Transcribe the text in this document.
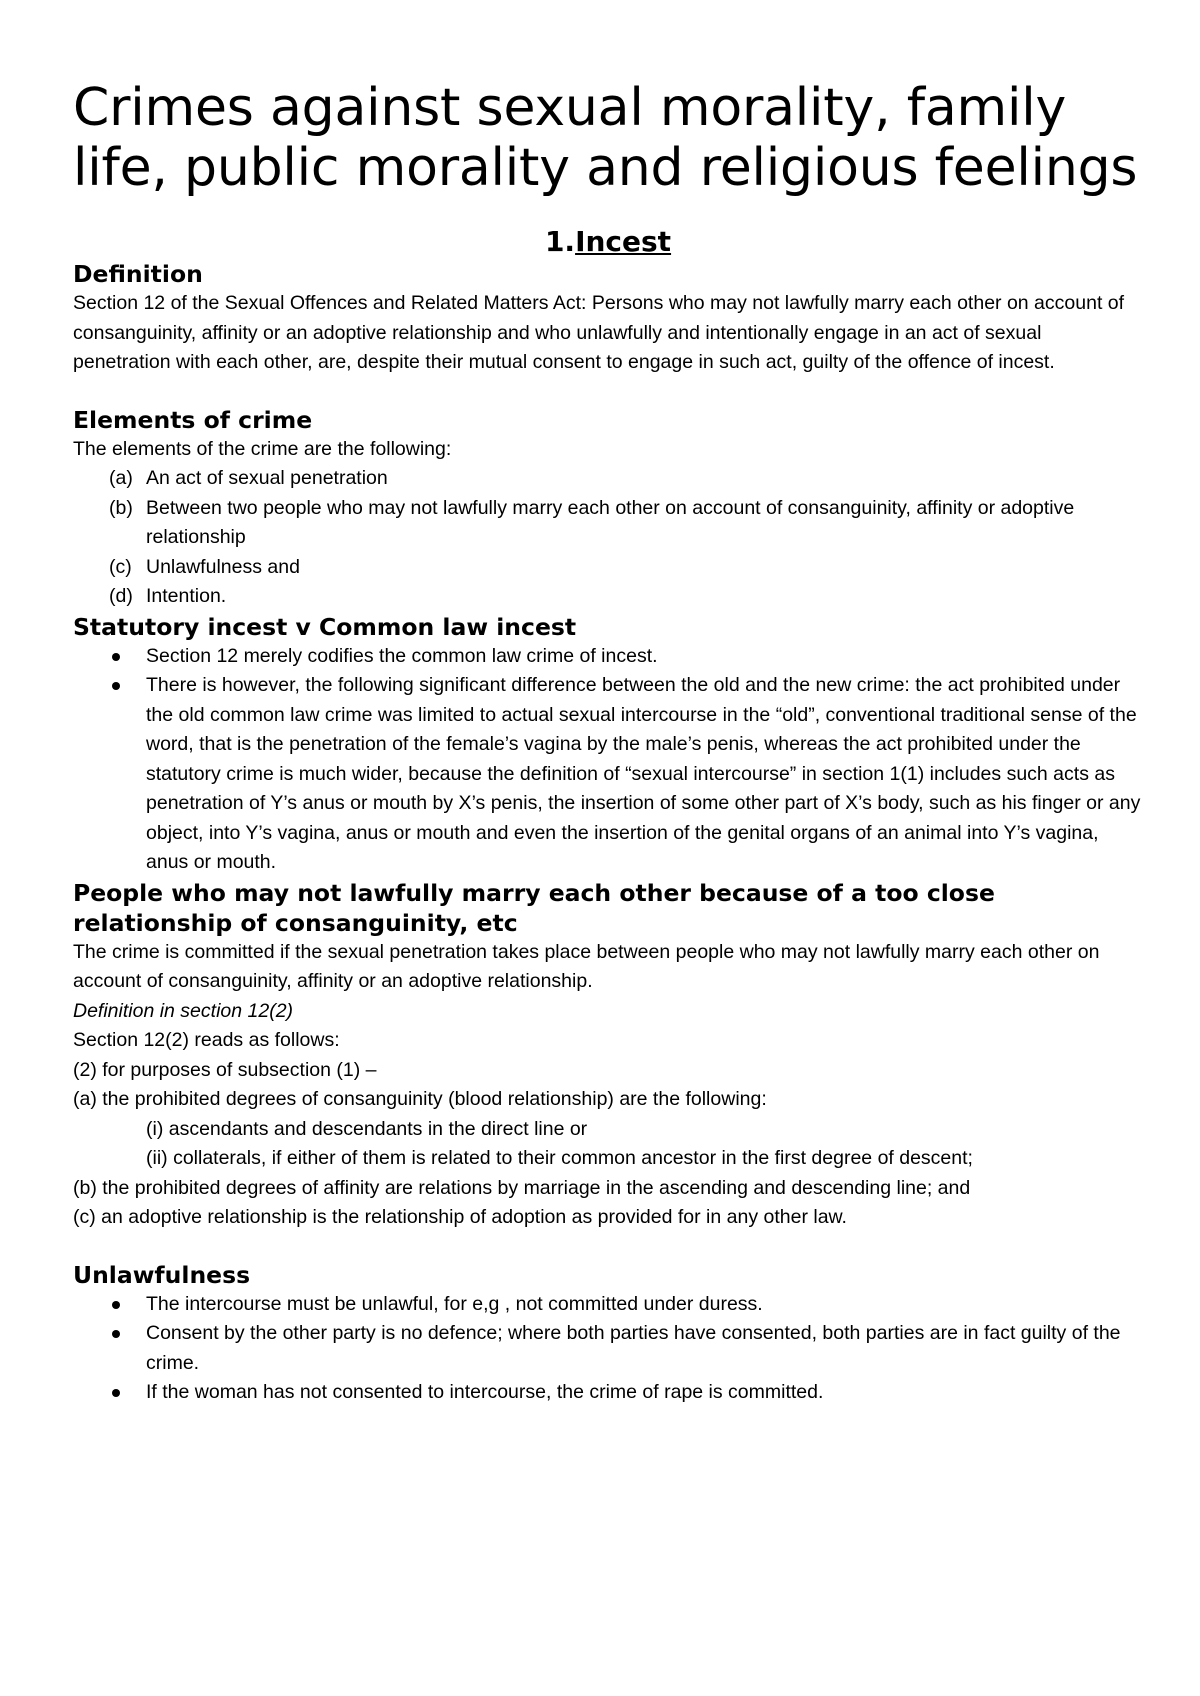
Crimes against sexual morality, family life, public morality and religious feelings
1.Incest
Definition

Section 12 of the Sexual Offences and Related Matters Act: Persons who may not lawfully marry each other on account of consanguinity, affinity or an adoptive relationship and who unlawfully and intentionally engage in an act of sexual penetration with each other, are, despite their mutual consent to engage in such act, guilty of the offence of incest.

Elements of crime

The elements of the crime are the following:

(a) An act of sexual penetration
(b) Between two people who may not lawfully marry each other on account of consanguinity, affinity or adoptive relationship
(c) Unlawfulness and
(d) Intention.
Statutory incest v Common law incest
Section 12 merely codifies the common law crime of incest.
There is however, the following significant difference between the old and the new crime: the act prohibited under the old common law crime was limited to actual sexual intercourse in the “old”, conventional traditional sense of the word, that is the penetration of the female’s vagina by the male’s penis, whereas the act prohibited under the statutory crime is much wider, because the definition of “sexual intercourse” in section 1(1) includes such acts as penetration of Y’s anus or mouth by X’s penis, the insertion of some other part of X’s body, such as his finger or any object, into Y’s vagina, anus or mouth and even the insertion of the genital organs of an animal into Y’s vagina, anus or mouth.
People who may not lawfully marry each other because of a too close relationship of consanguinity, etc

The crime is committed if the sexual penetration takes place between people who may not lawfully marry each other on account of consanguinity, affinity or an adoptive relationship.

Definition in section 12(2)

Section 12(2) reads as follows:

(2) for purposes of subsection (1) –

(a) the prohibited degrees of consanguinity (blood relationship) are the following:

(i) ascendants and descendants in the direct line or

(ii) collaterals, if either of them is related to their common ancestor in the first degree of descent;

(b) the prohibited degrees of affinity are relations by marriage in the ascending and descending line; and

(c) an adoptive relationship is the relationship of adoption as provided for in any other law.

Unlawfulness
The intercourse must be unlawful, for e,g , not committed under duress.
Consent by the other party is no defence; where both parties have consented, both parties are in fact guilty of the crime.
If the woman has not consented to intercourse, the crime of rape is committed.
